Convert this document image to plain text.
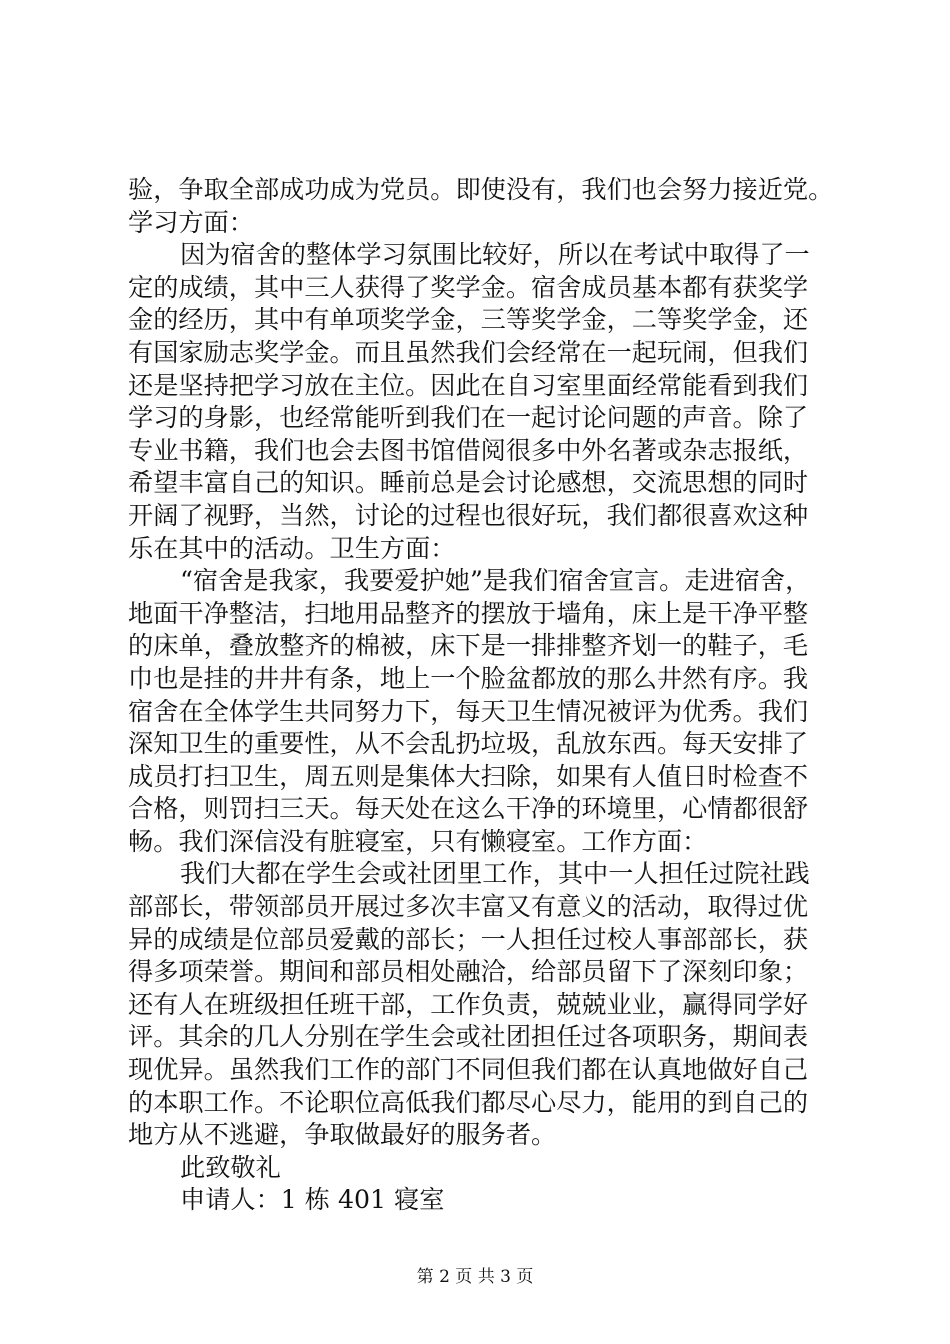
验，争取全部成功成为党员。即使没有，我们也会努力接近党。
学习方面：
因为宿舍的整体学习氛围比较好，所以在考试中取得了一
定的成绩，其中三人获得了奖学金。宿舍成员基本都有获奖学
金的经历，其中有单项奖学金，三等奖学金，二等奖学金，还
有国家励志奖学金。而且虽然我们会经常在一起玩闹，但我们
还是坚持把学习放在主位。因此在自习室里面经常能看到我们
学习的身影，也经常能听到我们在一起讨论问题的声音。除了
专业书籍，我们也会去图书馆借阅很多中外名著或杂志报纸，
希望丰富自己的知识。睡前总是会讨论感想，交流思想的同时
开阔了视野，当然，讨论的过程也很好玩，我们都很喜欢这种
乐在其中的活动。卫生方面：
“宿舍是我家，我要爱护她”是我们宿舍宣言。走进宿舍，
地面干净整洁，扫地用品整齐的摆放于墙角，床上是干净平整
的床单，叠放整齐的棉被，床下是一排排整齐划一的鞋子，毛
巾也是挂的井井有条，地上一个脸盆都放的那么井然有序。我
宿舍在全体学生共同努力下，每天卫生情况被评为优秀。我们
深知卫生的重要性，从不会乱扔垃圾，乱放东西。每天安排了
成员打扫卫生，周五则是集体大扫除，如果有人值日时检查不
合格，则罚扫三天。每天处在这么干净的环境里，心情都很舒
畅。我们深信没有脏寝室，只有懒寝室。工作方面：
我们大都在学生会或社团里工作，其中一人担任过院社践
部部长，带领部员开展过多次丰富又有意义的活动，取得过优
异的成绩是位部员爱戴的部长；一人担任过校人事部部长，获
得多项荣誉。期间和部员相处融洽，给部员留下了深刻印象；
还有人在班级担任班干部，工作负责，兢兢业业，赢得同学好
评。其余的几人分别在学生会或社团担任过各项职务，期间表
现优异。虽然我们工作的部门不同但我们都在认真地做好自己
的本职工作。不论职位高低我们都尽心尽力，能用的到自己的
地方从不逃避，争取做最好的服务者。
此致敬礼
申请人：1 栋 401 寝室
第 2 页 共 3 页
